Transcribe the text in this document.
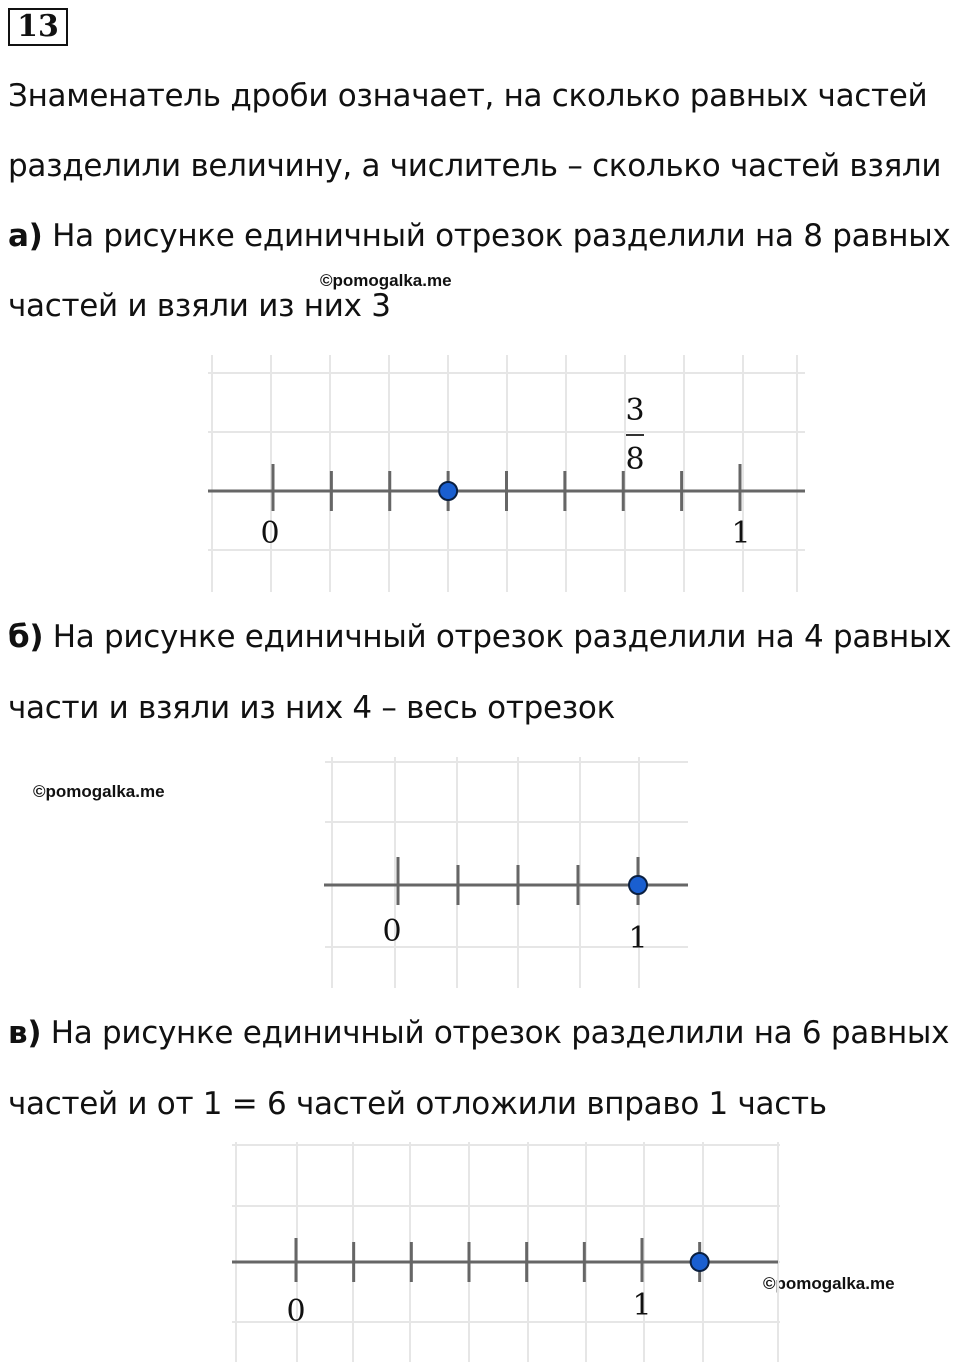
13
Знаменатель дроби означает, на сколько равных частей
разделили величину, а числитель – сколько частей взяли
а) На рисунке единичный отрезок разделили на 8 равных
частей и взяли из них 3
©pomogalka.me
3
8
0	1
б) На рисунке единичный отрезок разделили на 4 равных
части и взяли из них 4 – весь отрезок
©pomogalka.me
0	1
в) На рисунке единичный отрезок разделили на 6 равных
частей и от 1 = 6 частей отложили вправо 1 часть
©pomogalka.me
0	1
